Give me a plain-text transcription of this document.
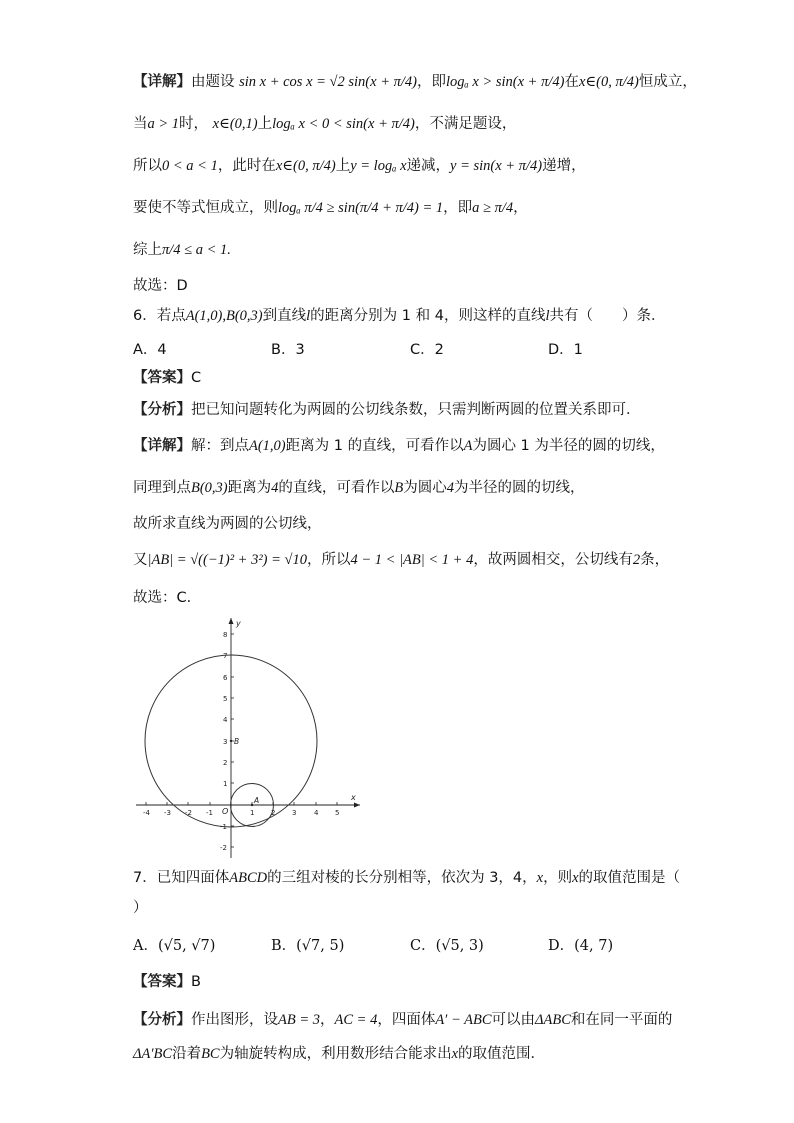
【详解】由题设 sin x + cos x = √2 sin(x + π/4)，即logₐ x > sin(x + π/4)在x∈(0, π/4)恒成立，
当a > 1时， x∈(0,1)上logₐ x < 0 < sin(x + π/4)，不满足题设，
所以0 < a < 1，此时在x∈(0, π/4)上y = logₐ x递减，y = sin(x + π/4)递增，
要使不等式恒成立，则logₐ π/4 ≥ sin(π/4 + π/4) = 1，即a ≥ π/4，
综上π/4 ≤ a < 1.
故选：D
6．若点A(1,0),B(0,3)到直线l的距离分别为 1 和 4，则这样的直线l共有（　　）条．
A．4	B．3	C．2	D．1
【答案】C
【分析】把已知问题转化为两圆的公切线条数，只需判断两圆的位置关系即可．
【详解】解：到点A(1,0)距离为 1 的直线，可看作以A为圆心 1 为半径的圆的切线，
同理到点B(0,3)距离为4的直线，可看作以B为圆心4为半径的圆的切线，
故所求直线为两圆的公切线，
又|AB| = √((−1)² + 3²) = √10，所以4 − 1 < |AB| < 1 + 4，故两圆相交，公切线有2条，
故选：C．
-4 -3 -2 -1	1 2 3	4 5
8
7
6
5
4
3
2
1
-1
-2
x
y
O
A
B
7．已知四面体ABCD的三组对棱的长分别相等，依次为 3，4，x，则x的取值范围是（
）
A．(√5, √7)	B．(√7, 5)	C．(√5, 3)	D．(4, 7)
【答案】B
【分析】作出图形，设AB = 3，AC = 4，四面体A′ − ABC可以由ΔABC和在同一平面的
ΔA′BC沿着BC为轴旋转构成，利用数形结合能求出x的取值范围．
